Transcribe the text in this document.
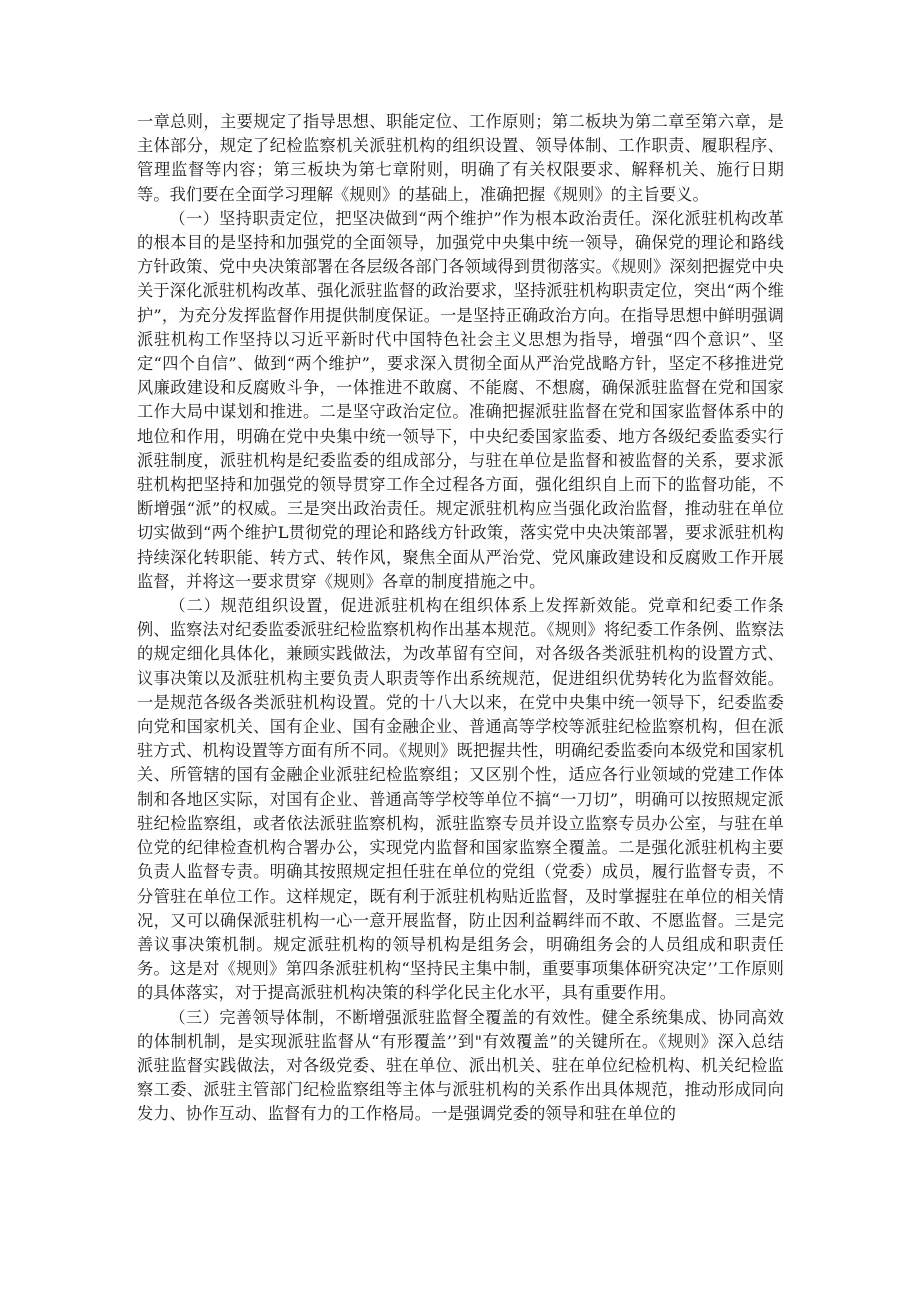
一章总则，主要规定了指导思想、职能定位、工作原则；第二板块为第二章至第六章，是主体部分，规定了纪检监察机关派驻机构的组织设置、领导体制、工作职责、履职程序、管理监督等内容；第三板块为第七章附则，明确了有关权限要求、解释机关、施行日期等。我们要在全面学习理解《规则》的基础上，准确把握《规则》的主旨要义。

（一）坚持职责定位，把坚决做到“两个维护”作为根本政治责任。深化派驻机构改革的根本目的是坚持和加强党的全面领导，加强党中央集中统一领导，确保党的理论和路线方针政策、党中央决策部署在各层级各部门各领域得到贯彻落实。《规则》深刻把握党中央关于深化派驻机构改革、强化派驻监督的政治要求，坚持派驻机构职责定位，突出“两个维护”，为充分发挥监督作用提供制度保证。一是坚持正确政治方向。在指导思想中鲜明强调派驻机构工作坚持以习近平新时代中国特色社会主义思想为指导，增强“四个意识”、坚定“四个自信”、做到“两个维护”，要求深入贯彻全面从严治党战略方针，坚定不移推进党风廉政建设和反腐败斗争，一体推进不敢腐、不能腐、不想腐，确保派驻监督在党和国家工作大局中谋划和推进。二是坚守政治定位。准确把握派驻监督在党和国家监督体系中的地位和作用，明确在党中央集中统一领导下，中央纪委国家监委、地方各级纪委监委实行派驻制度，派驻机构是纪委监委的组成部分，与驻在单位是监督和被监督的关系，要求派驻机构把坚持和加强党的领导贯穿工作全过程各方面，强化组织自上而下的监督功能，不断增强“派”的权威。三是突出政治责任。规定派驻机构应当强化政治监督，推动驻在单位切实做到“两个维护L贯彻党的理论和路线方针政策，落实党中央决策部署，要求派驻机构持续深化转职能、转方式、转作风，聚焦全面从严治党、党风廉政建设和反腐败工作开展监督，并将这一要求贯穿《规则》各章的制度措施之中。

（二）规范组织设置，促进派驻机构在组织体系上发挥新效能。党章和纪委工作条例、监察法对纪委监委派驻纪检监察机构作出基本规范。《规则》将纪委工作条例、监察法的规定细化具体化，兼顾实践做法，为改革留有空间，对各级各类派驻机构的设置方式、议事决策以及派驻机构主要负责人职责等作出系统规范，促进组织优势转化为监督效能。一是规范各级各类派驻机构设置。党的十八大以来，在党中央集中统一领导下，纪委监委向党和国家机关、国有企业、国有金融企业、普通高等学校等派驻纪检监察机构，但在派驻方式、机构设置等方面有所不同。《规则》既把握共性，明确纪委监委向本级党和国家机关、所管辖的国有金融企业派驻纪检监察组；又区别个性，适应各行业领域的党建工作体制和各地区实际，对国有企业、普通高等学校等单位不搞“一刀切”，明确可以按照规定派驻纪检监察组，或者依法派驻监察机构，派驻监察专员并设立监察专员办公室，与驻在单位党的纪律检查机构合署办公，实现党内监督和国家监察全覆盖。二是强化派驻机构主要负责人监督专责。明确其按照规定担任驻在单位的党组（党委）成员，履行监督专责，不分管驻在单位工作。这样规定，既有利于派驻机构贴近监督，及时掌握驻在单位的相关情况，又可以确保派驻机构一心一意开展监督，防止因利益羁绊而不敢、不愿监督。三是完善议事决策机制。规定派驻机构的领导机构是组务会，明确组务会的人员组成和职责任务。这是对《规则》第四条派驻机构“坚持民主集中制，重要事项集体研究决定’’工作原则的具体落实，对于提高派驻机构决策的科学化民主化水平，具有重要作用。

（三）完善领导体制，不断增强派驻监督全覆盖的有效性。健全系统集成、协同高效的体制机制，是实现派驻监督从“有形覆盖’’到"有效覆盖”的关键所在。《规则》深入总结派驻监督实践做法，对各级党委、驻在单位、派出机关、驻在单位纪检机构、机关纪检监察工委、派驻主管部门纪检监察组等主体与派驻机构的关系作出具体规范，推动形成同向发力、协作互动、监督有力的工作格局。一是强调党委的领导和驻在单位的
